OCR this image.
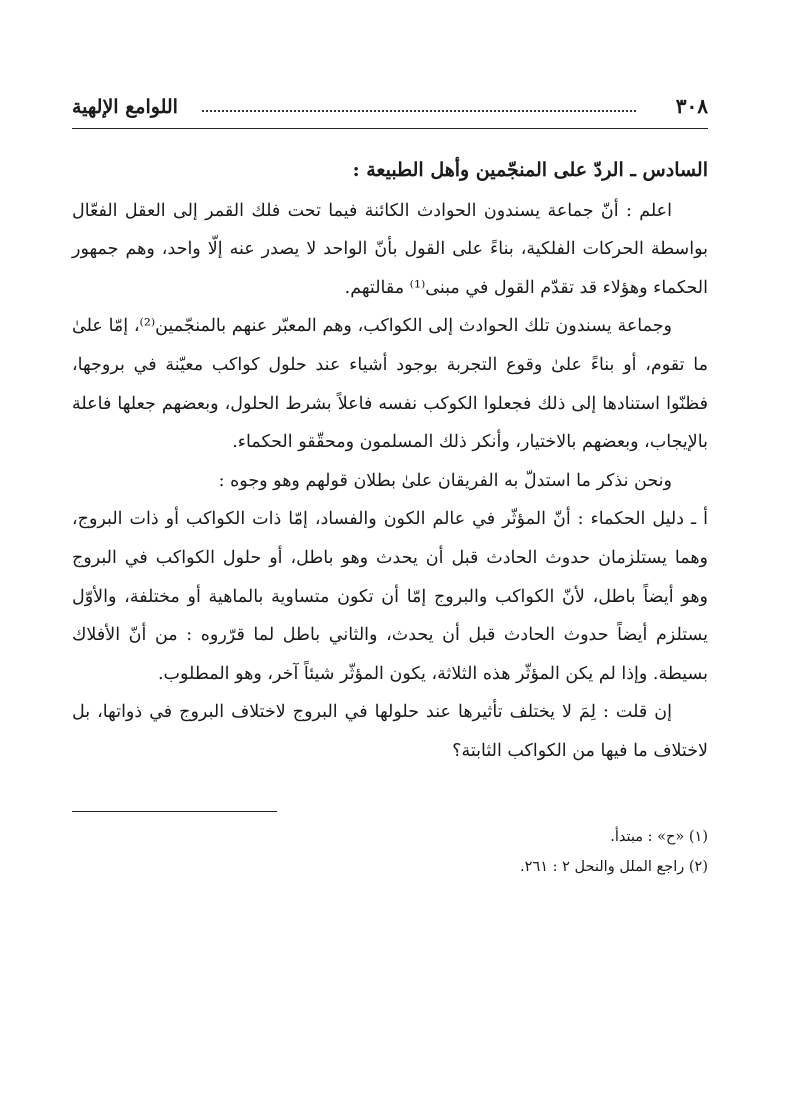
٣٠٨
اللوامع الإلهية

السادس ـ الردّ على المنجّمين وأهل الطبيعة :

اعلم : أنّ جماعة يسندون الحوادث الكائنة فيما تحت فلك القمر إلى العقل الفعّال بواسطة الحركات الفلكية، بناءً على القول بأنّ الواحد لا يصدر عنه إلّا واحد، وهم جمهور الحكماء وهؤلاء قد تقدّم القول في مبنى⁽¹⁾ مقالتهم.

وجماعة يسندون تلك الحوادث إلى الكواكب، وهم المعبّر عنهم بالمنجّمين⁽²⁾، إمّا علىٰ ما تقوم، أو بناءً علىٰ وقوع التجربة بوجود أشياء عند حلول كواكب معيّنة في بروجها، فظنّوا استنادها إلى ذلك فجعلوا الكوكب نفسه فاعلاً بشرط الحلول، وبعضهم جعلها فاعلة بالإيجاب، وبعضهم بالاختيار، وأنكر ذلك المسلمون ومحقّقو الحكماء.

ونحن نذكر ما استدلّ به الفريقان علىٰ بطلان قولهم وهو وجوه :

أ ـ دليل الحكماء : أنّ المؤثّر في عالم الكون والفساد، إمّا ذات الكواكب أو ذات البروج، وهما يستلزمان حدوث الحادث قبل أن يحدث وهو باطل، أو حلول الكواكب في البروج وهو أيضاً باطل، لأنّ الكواكب والبروج إمّا أن تكون متساوية بالماهية أو مختلفة، والأوّل يستلزم أيضاً حدوث الحادث قبل أن يحدث، والثاني باطل لما قرّروه : من أنّ الأفلاك بسيطة. وإذا لم يكن المؤثّر هذه الثلاثة، يكون المؤثّر شيئاً آخر، وهو المطلوب.

إن قلت : لِمَ لا يختلف تأثيرها عند حلولها في البروج لاختلاف البروج في ذواتها، بل لاختلاف ما فيها من الكواكب الثابتة؟

(١) «ح» : مبتدأ.

(٢) راجع الملل والنحل ٢ : ٢٦١.
